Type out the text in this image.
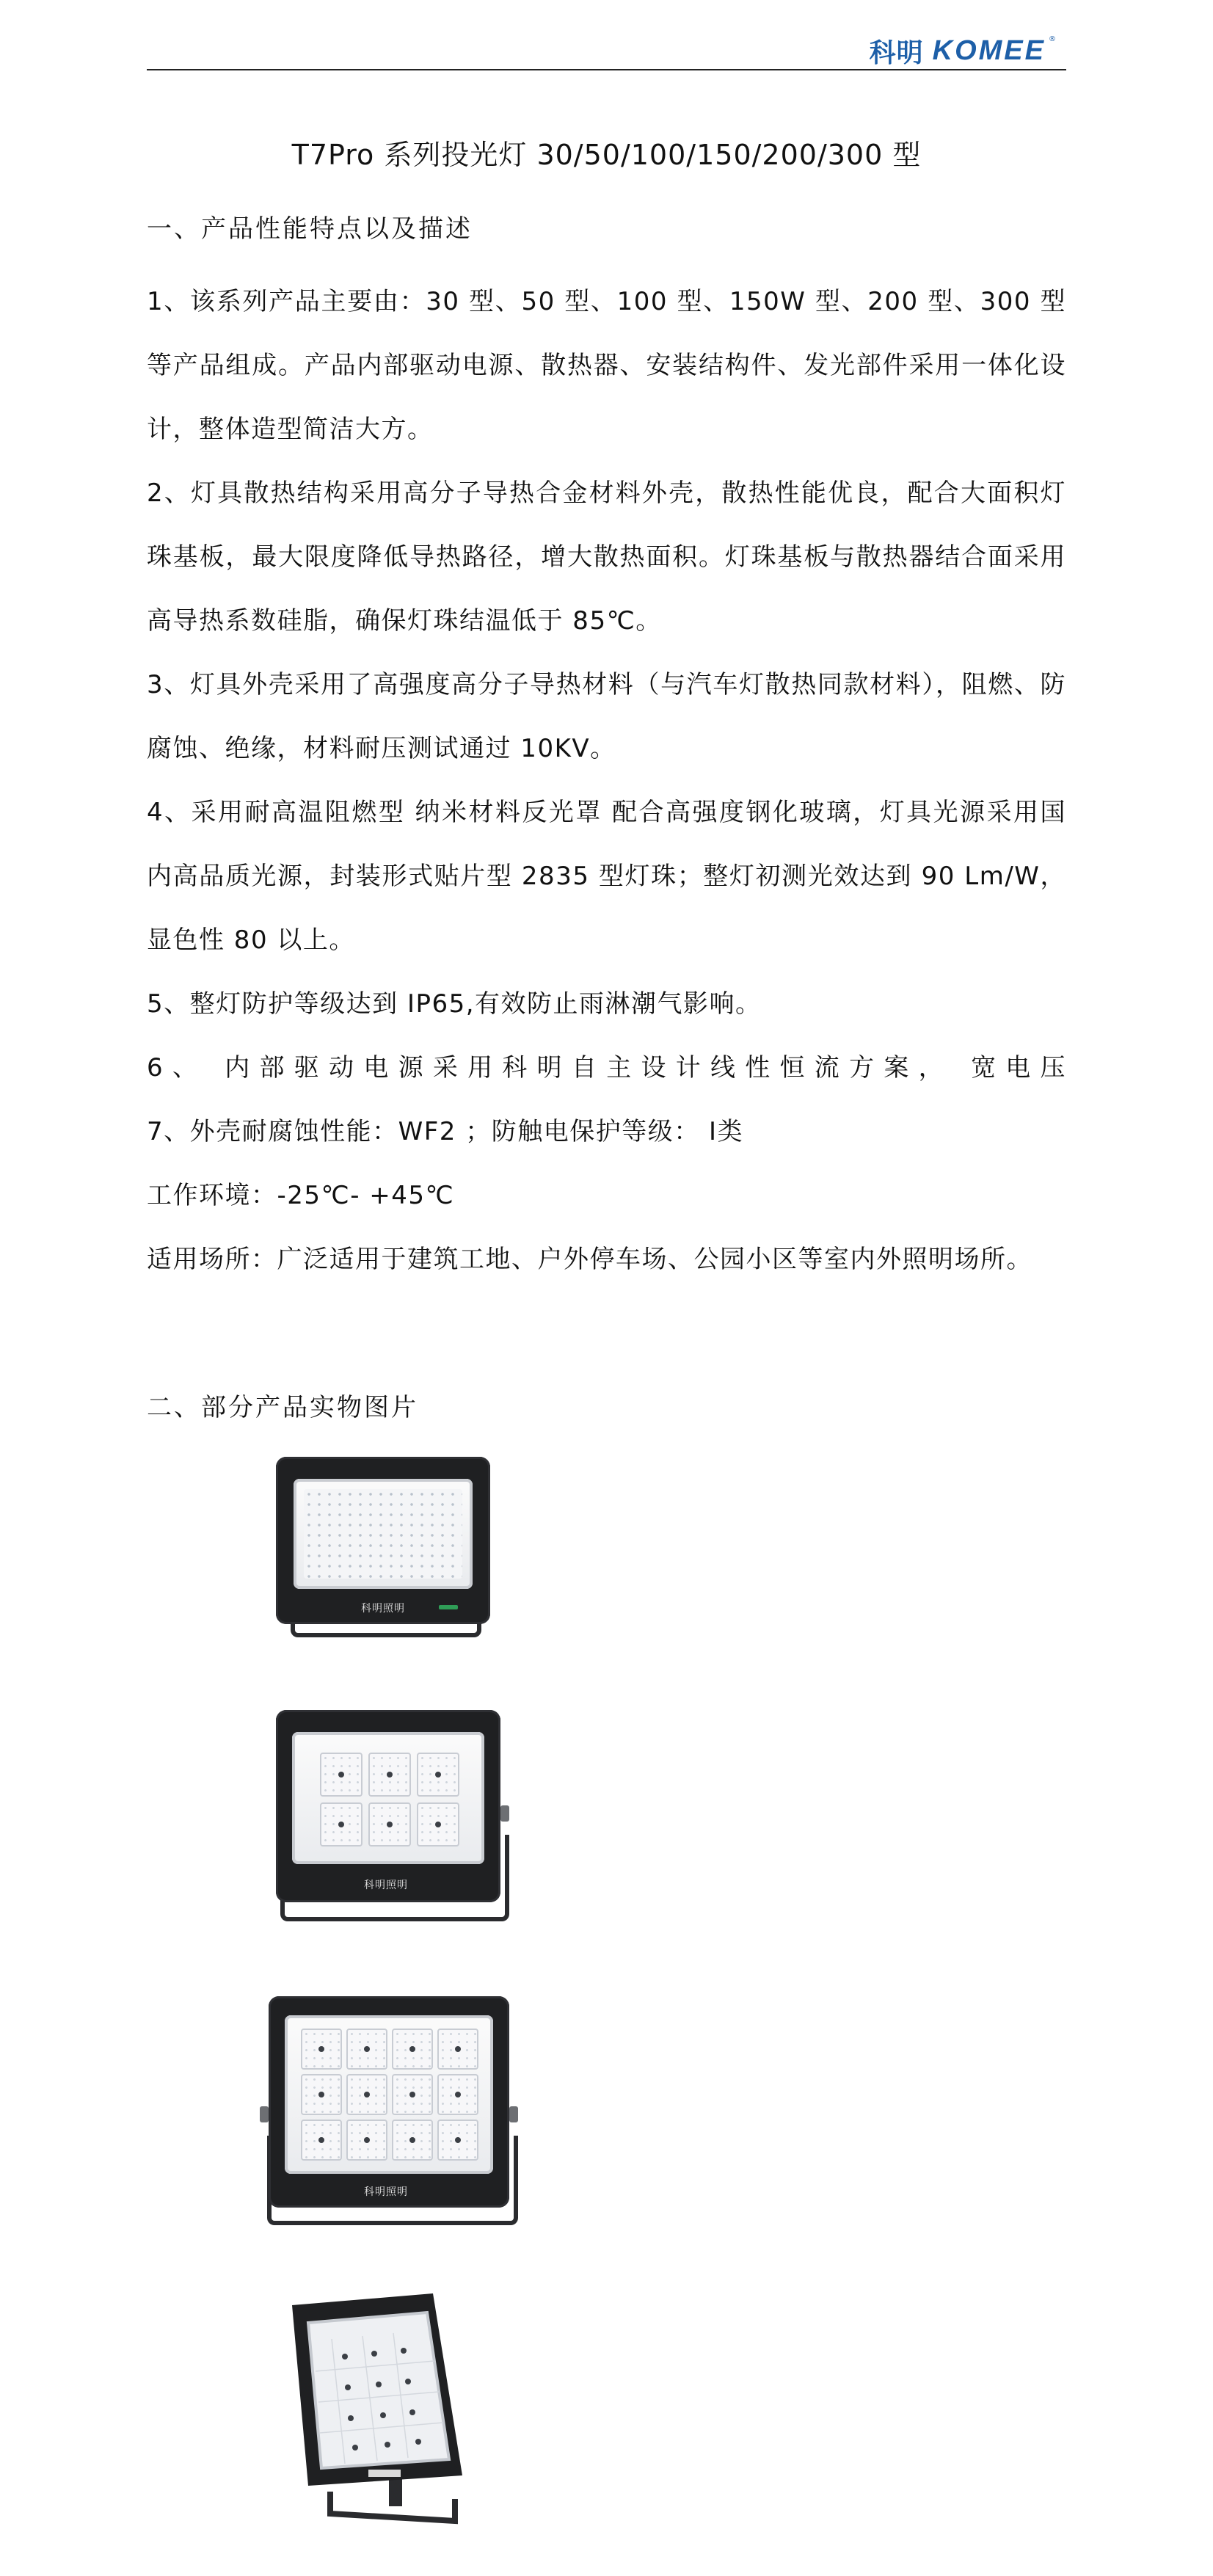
科明 KOMEE ®
T7Pro 系列投光灯 30/50/100/150/200/300 型

一、产品性能特点以及描述

1、该系列产品主要由：30 型、50 型、100 型、150W 型、200 型、300 型等产品组成。产品内部驱动电源、散热器、安装结构件、发光部件采用一体化设计，整体造型简洁大方。

2、灯具散热结构采用高分子导热合金材料外壳，散热性能优良，配合大面积灯珠基板，最大限度降低导热路径，增大散热面积。灯珠基板与散热器结合面采用高导热系数硅脂，确保灯珠结温低于 85℃。

3、灯具外壳采用了高强度高分子导热材料（与汽车灯散热同款材料），阻燃、防腐蚀、绝缘，材料耐压测试通过 10KV。

4、采用耐高温阻燃型 纳米材料反光罩 配合高强度钢化玻璃，灯具光源采用国内高品质光源，封装形式贴片型 2835 型灯珠；整灯初测光效达到 90 Lm/W，显色性 80 以上。

5、整灯防护等级达到 IP65,有效防止雨淋潮气影响。

6、 内部驱动电源采用科明自主设计线性恒流方案， 宽电压

7、外壳耐腐蚀性能：WF2 ；防触电保护等级： Ⅰ类

工作环境：-25℃- +45℃

适用场所：广泛适用于建筑工地、户外停车场、公园小区等室内外照明场所。

二、部分产品实物图片
科明照明
科明照明
科明照明
